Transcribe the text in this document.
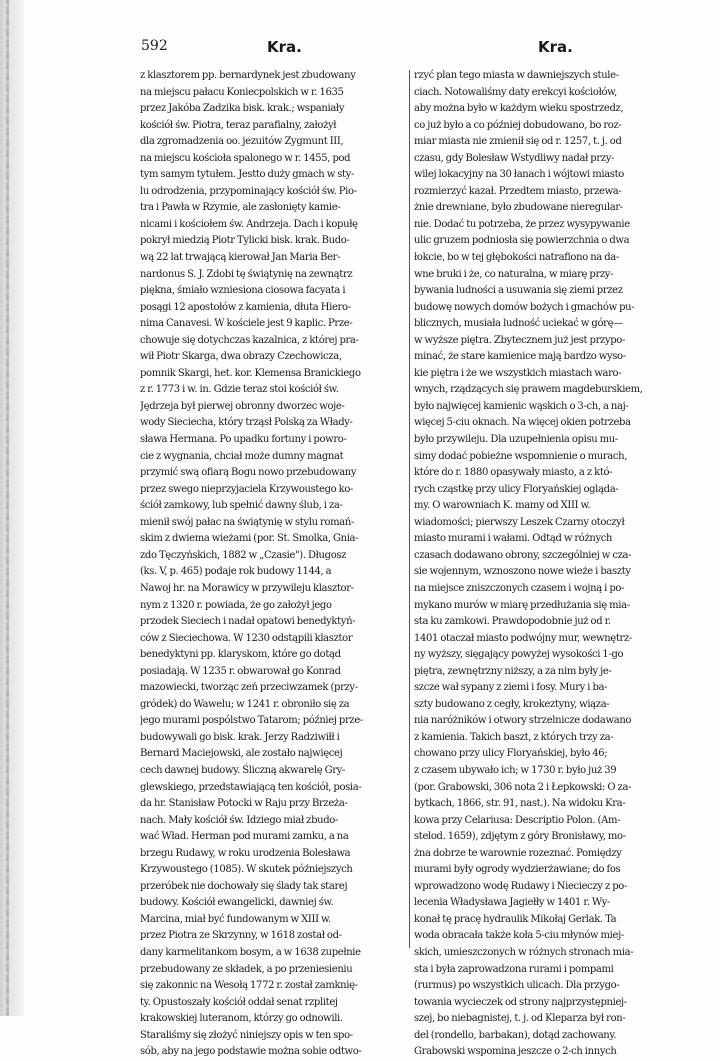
592	Kra.	Kra.
z klasztorem pp. bernardynek jest zbudowany
na miejscu pałacu Koniecpolskich w r. 1635
przez Jakóba Zadzika bisk. krak.; wspaniały
kościół św. Piotra, teraz parafialny, założył
dla zgromadzenia oo. jezuitów Zygmunt III,
na miejscu kościoła spalonego w r. 1455, pod
tym samym tytułem. Jestto duży gmach w sty-
lu odrodzenia, przypominający kościół św. Pio-
tra i Pawła w Rzymie, ale zasłonięty kamie-
nicami i kościołem św. Andrzeja. Dach i kopułę
pokrył miedzią Piotr Tylicki bisk. krak. Budo-
wą 22 lat trwającą kierował Jan Maria Ber-
nardonus S. J. Zdobi tę świątynię na zewnątrz
piękna, śmiało wzniesiona ciosowa facyata i
posągi 12 apostołów z kamienia, dłuta Hiero-
nima Canavesi. W kościele jest 9 kaplic. Prze-
chowuje się dotychczas kazalnica, z której pra-
wił Piotr Skarga, dwa obrazy Czechowicza,
pomnik Skargi, het. kor. Klemensa Branickiego
z r. 1773 i w. in. Gdzie teraz stoi kościół św.
Jędrzeja był pierwej obronny dworzec woje-
wody Sieciecha, który trząsł Polską za Włady-
sława Hermana. Po upadku fortuny i powro-
cie z wygnania, chciał może dumny magnat
przymić swą ofiarą Bogu nowo przebudowany
przez swego nieprzyjaciela Krzywoustego ko-
ściół zamkowy, lub spełnić dawny ślub, i za-
mienił swój pałac na świątynię w stylu romań-
skim z dwiema wieżami (por. St. Smolka, Gnia-
zdo Tęczyńskich, 1882 w „Czasie"). Długosz
(ks. V, p. 465) podaje rok budowy 1144, a
Nawoj hr. na Morawicy w przywileju klasztor-
nym z 1320 r. powiada, że go założył jego
przodek Sieciech i nadał opatowi benedyktyń-
ców z Sieciechowa. W 1230 odstąpili klasztor
benedyktyni pp. klaryskom, które go dotąd
posiadają. W 1235 r. obwarował go Konrad
mazowiecki, tworząc zeń przeciwzamek (przy-
gródek) do Wawelu; w 1241 r. obroniło się za
jego murami pospólstwo Tatarom; później prze-
budowywali go bisk. krak. Jerzy Radziwiłł i
Bernard Maciejowski, ale zostało najwięcej
cech dawnej budowy. Śliczną akwarelę Gry-
glewskiego, przedstawiającą ten kościół, posia-
da hr. Stanisław Potocki w Raju przy Brzeża-
nach. Mały kościół św. Idziego miał zbudo-
wać Wład. Herman pod murami zamku, a na
brzegu Rudawy, w roku urodzenia Bolesława
Krzywoustego (1085). W skutek późniejszych
przeróbek nie dochowały się ślady tak starej
budowy. Kościół ewangelicki, dawniej św.
Marcina, miał być fundowanym w XIII w.
przez Piotra ze Skrzynny, w 1618 został od-
dany karmelitankom bosym, a w 1638 zupełnie
przebudowany ze składek, a po przeniesieniu
się zakonnic na Wesołą 1772 r. został zamknię-
ty. Opustoszały kościół oddał senat rzplitej
krakowskiej luteranom, którzy go odnowili.
Staraliśmy się złożyć niniejszy opis w ten spo-
sób, aby na jego podstawie można sobie odtwo-
rzyć plan tego miasta w dawniejszych stule-
ciach. Notowaliśmy daty erekcyi kościołów,
aby można było w każdym wieku spostrzedz,
co już było a co później dobudowano, bo roz-
miar miasta nie zmienił się od r. 1257, t. j. od
czasu, gdy Bolesław Wstydliwy nadał przy-
wilej lokacyjny na 30 łanach i wójtowi miasto
rozmierzyć kazał. Przedtem miasto, przewa-
żnie drewniane, było zbudowane nieregular-
nie. Dodać tu potrzeba, że przez wysypywanie
ulic gruzem podniosła się powierzchnia o dwa
łokcie, bo w tej głębokości natrafiono na da-
wne bruki i że, co naturalna, w miarę przy-
bywania ludności a usuwania się ziemi przez
budowę nowych domów bożych i gmachów pu-
blicznych, musiała ludność uciekać w górę—
w wyższe piętra. Zbytecznem już jest przypo-
minać, że stare kamienice mają bardzo wyso-
kie piętra i że we wszystkich miastach waro-
wnych, rządzących się prawem magdeburskiem,
było najwięcej kamienic wąskich o 3-ch, a naj-
więcej 5-ciu oknach. Na więcej okien potrzeba
było przywileju. Dla uzupełnienia opisu mu-
simy dodać pobieżne wspomnienie o murach,
które do r. 1880 opasywały miasto, a z któ-
rych cząstkę przy ulicy Floryańskiej ogląda-
my. O warowniach K. mamy od XIII w.
wiadomości; pierwszy Leszek Czarny otoczył
miasto murami i wałami. Odtąd w różnych
czasach dodawano obrony, szczególniej w cza-
sie wojennym, wznoszono nowe wieże i baszty
na miejsce zniszczonych czasem i wojną i po-
mykano murów w miarę przedłużania się mia-
sta ku zamkowi. Prawdopodobnie już od r.
1401 otaczał miasto podwójny mur, wewnętrz-
ny wyższy, sięgający powyżej wysokości 1-go
piętra, zewnętrzny niższy, a za nim były je-
szcze wał sypany z ziemi i fosy. Mury i ba-
szty budowano z cegły, krokeztyny, wiąza-
nia naróżników i otwory strzelnicze dodawano
z kamienia. Takich baszt, z których trzy za-
chowano przy ulicy Floryańskiej, było 46;
z czasem ubywało ich; w 1730 r. było już 39
(por. Grabowski, 306 nota 2 i Łepkowski: O za-
bytkach, 1866, str. 91, nast.). Na widoku Kra-
kowa przy Celariusa: Descriptio Polon. (Am-
stelod. 1659), zdjętym z góry Bronisławy, mo-
żna dobrze te warownie rozeznać. Pomiędzy
murami były ogrody wydzierżawiane; do fos
wprowadzono wodę Rudawy i Niecieczy z po-
lecenia Władysława Jagiełły w 1401 r. Wy-
konał tę pracę hydraulik Mikołaj Gerlak. Ta
woda obracała także koła 5-ciu młynów miej-
skich, umieszczonych w różnych stronach mia-
sta i była zaprowadzona rurami i pompami
(rurmus) po wszystkich ulicach. Dla przygo-
towania wycieczek od strony najprzystępniej-
szej, bo niebagnistej, t. j. od Kleparza był ron-
del (rondello, barbakan), dotąd zachowany.
Grabowski wspomina jeszcze o 2-ch innych
